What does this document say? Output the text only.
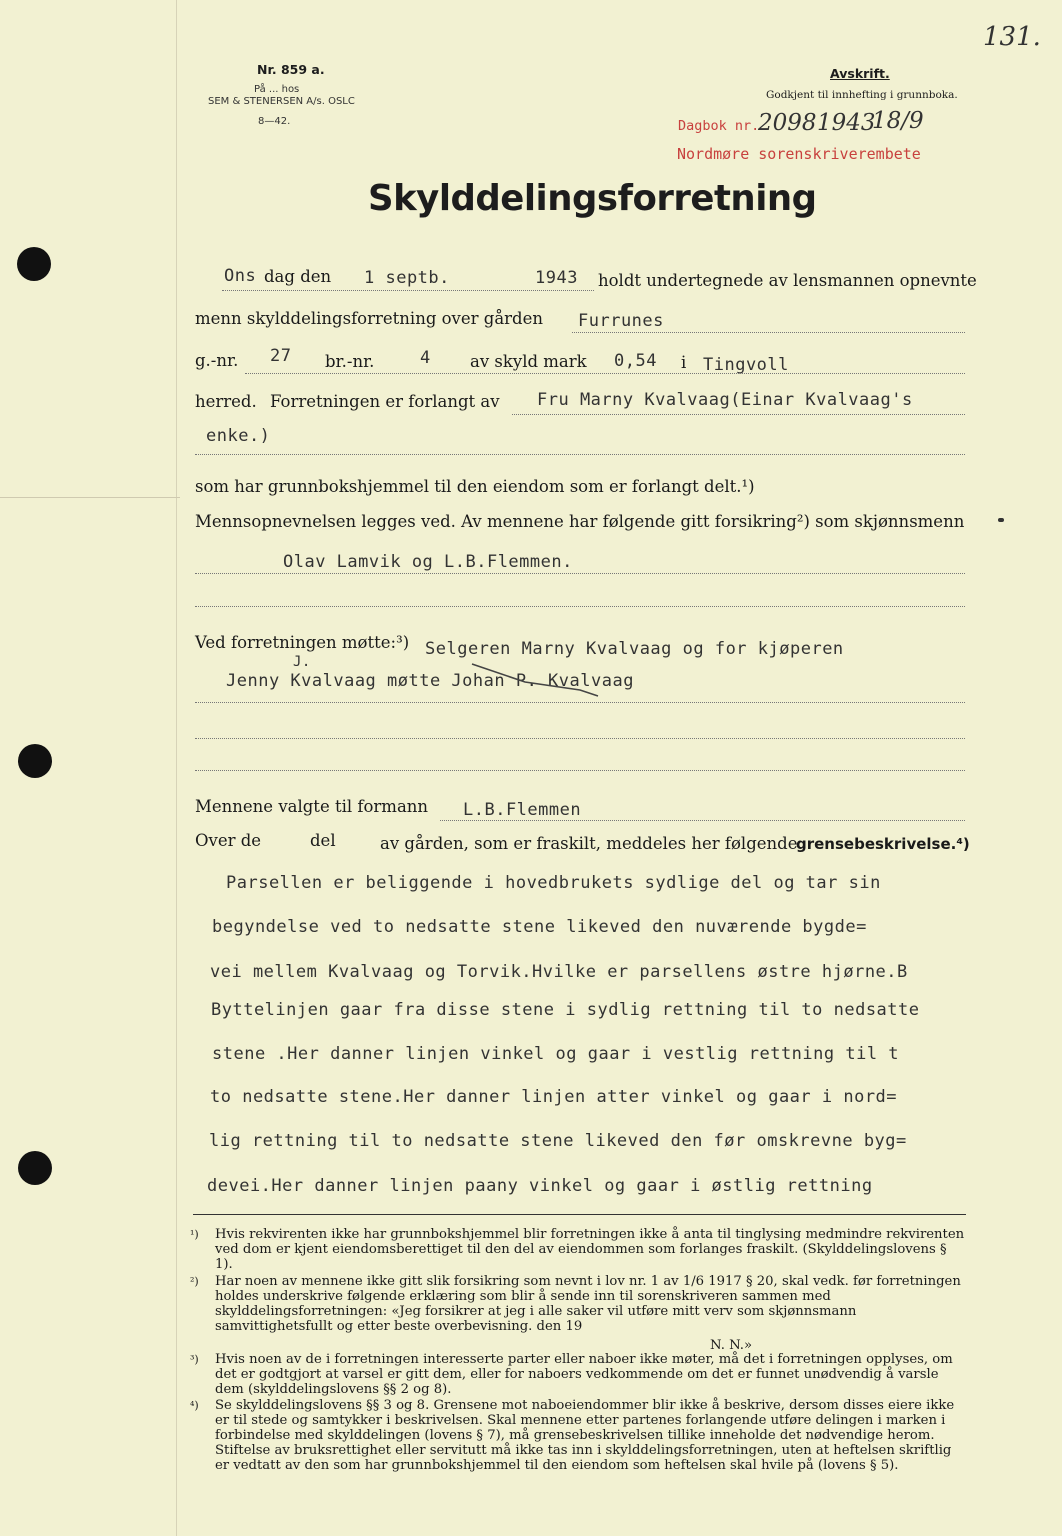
Nr. 859 a.
På ... hos
SEM & STENERSEN A/s. OSLC
8—42.
131.
Avskrift.
Godkjent til innhefting i grunnboka.
Dagbok nr.
2098 1943
18/9
Nordmøre sorenskriverembete
Skylddelingsforretning
Ons dag den 1 septb.	1943 holdt undertegnede av lensmannen opnevnte
menn skylddelingsforretning over gården Furrunes
g.-nr. 27 br.-nr.	4 av skyld mark 0,54 i Tingvoll
herred. Forretningen er forlangt av Fru Marny Kvalvaag(Einar Kvalvaag's
enke.)
som har grunnbokshjemmel til den eiendom som er forlangt delt.¹)
Mennsopnevnelsen legges ved. Av mennene har følgende gitt forsikring²) som skjønnsmenn
Olav Lamvik og L.B.Flemmen.
Ved forretningen møtte:³) Selgeren Marny Kvalvaag og for kjøperen
J.
Jenny Kvalvaag møtte Johan P. Kvalvaag
Mennene valgte til formann L.B.Flemmen
Over de	del	av gården, som er fraskilt, meddeles her følgende
grensebeskrivelse.⁴)
Parsellen er beliggende i hovedbrukets sydlige del og tar sin
begyndelse ved to nedsatte stene likeved den nuværende bygde=
vei mellem Kvalvaag og Torvik.Hvilke er parsellens østre hjørne.B
Byttelinjen gaar fra disse stene i sydlig rettning til to nedsatte
stene .Her danner linjen vinkel og gaar i vestlig rettning til t
to nedsatte stene.Her danner linjen atter vinkel og gaar i nord=
lig rettning til to nedsatte stene likeved den før omskrevne byg=
devei.Her danner linjen paany vinkel og gaar i østlig rettning
¹) Hvis rekvirenten ikke har grunnbokshjemmel blir forretningen ikke å anta til tinglysing medmindre rekvirenten ved dom er kjent eiendomsberettiget til den del av eiendommen som forlanges fraskilt. (Skylddelingslovens § 1).
²) Har noen av mennene ikke gitt slik forsikring som nevnt i lov nr. 1 av 1/6 1917 § 20, skal vedk. før forretningen holdes underskrive følgende erklæring som blir å sende inn til sorenskriveren sammen med skylddelingsforretningen: «Jeg forsikrer at jeg i alle saker vil utføre mitt verv som skjønnsmann samvittighetsfullt og etter beste overbevisning. den 19
N. N.»
³) Hvis noen av de i forretningen interesserte parter eller naboer ikke møter, må det i forretningen opplyses, om det er godtgjort at varsel er gitt dem, eller for naboers vedkommende om det er funnet unødvendig å varsle dem (skylddelingslovens §§ 2 og 8).
⁴) Se skylddelingslovens §§ 3 og 8. Grensene mot naboeiendommer blir ikke å beskrive, dersom disses eiere ikke er til stede og samtykker i beskrivelsen. Skal mennene etter partenes forlangende utføre delingen i marken i forbindelse med skylddelingen (lovens § 7), må grensebeskrivelsen tillike inneholde det nødvendige herom. Stiftelse av bruksrettighet eller servitutt må ikke tas inn i skylddelingsforretningen, uten at heftelsen skriftlig er vedtatt av den som har grunnbokshjemmel til den eiendom som heftelsen skal hvile på (lovens § 5).
